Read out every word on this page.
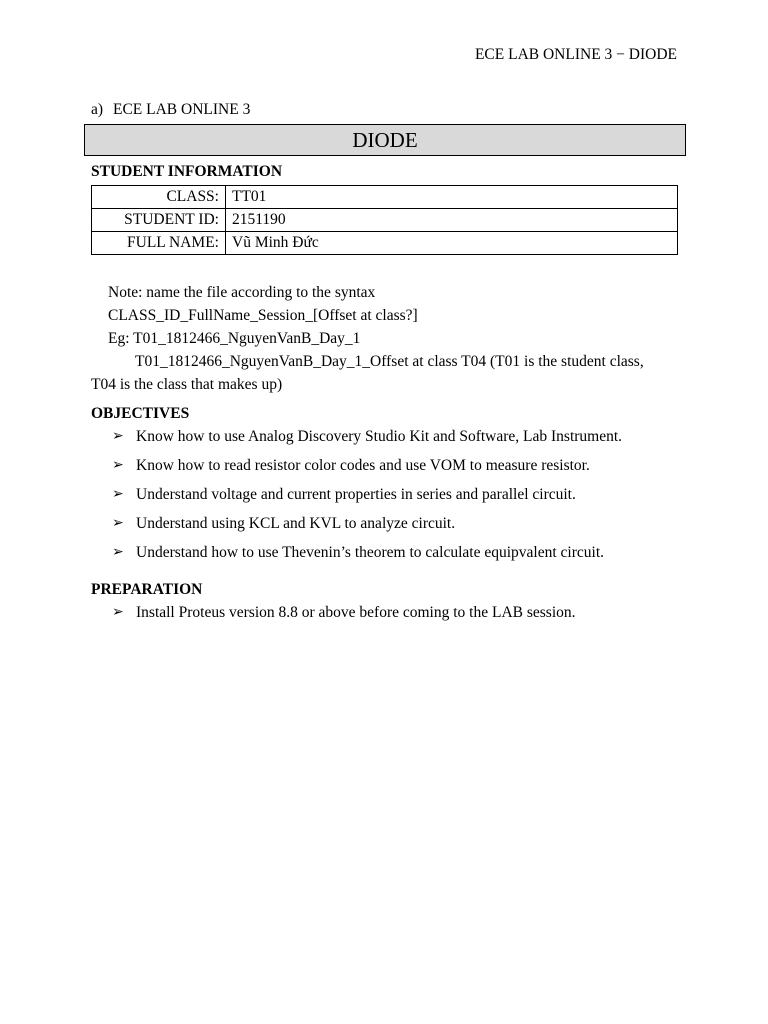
ECE LAB ONLINE 3 − DIODE
a) ECE LAB ONLINE 3
DIODE
STUDENT INFORMATION
CLASS:	TT01
STUDENT ID:	2151190
FULL NAME:	Vũ Minh Đức
Note: name the file according to the syntax
CLASS_ID_FullName_Session_[Offset at class?]
Eg: T01_1812466_NguyenVanB_Day_1
T01_1812466_NguyenVanB_Day_1_Offset at class T04 (T01 is the student class,
T04 is the class that makes up)
OBJECTIVES
➢ Know how to use Analog Discovery Studio Kit and Software, Lab Instrument.
➢ Know how to read resistor color codes and use VOM to measure resistor.
➢ Understand voltage and current properties in series and parallel circuit.
➢ Understand using KCL and KVL to analyze circuit.
➢ Understand how to use Thevenin’s theorem to calculate equipvalent circuit.
PREPARATION
➢ Install Proteus version 8.8 or above before coming to the LAB session.
